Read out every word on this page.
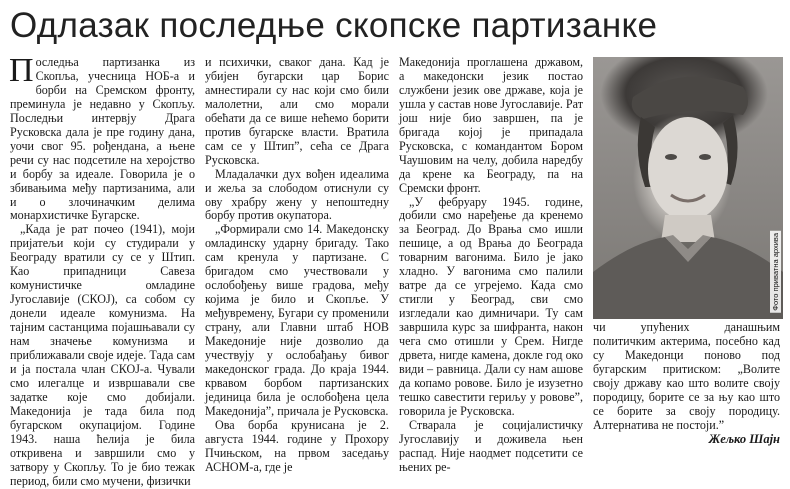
Одлазак последње скопске партизанке

Последња партизанка из Скопља, учесница НОБ-а и борби на Сремском фронту, преминула је недавно у Скопљу. Последњи интервју Драга Русковска дала је пре годину дана, уочи свог 95. рођендана, а њене речи су нас подсетиле на херојство и борбу за идеале. Говорила је о збивањима међу партизанима, али и о злочиначким делима монархистичке Бугарске.

„Када је рат почео (1941), моји пријатељи који су студирали у Београду вратили су се у Штип. Као припадници Савеза комунистичке омладине Југославије (СКОЈ), са собом су донели идеале комунизма. На тајним састанцима појашњавали су нам значење комунизма и приближавали своје идеје. Тада сам и ја постала члан СКОЈ-а. Чували смо илегалце и извршавали све задатке које смо добијали. Македонија је тада била под бугарском окупацијом. Године 1943. наша ћелија је била откривена и завршили смо у затвору у Скопљу. То је био тежак период, били смо мучени, физички

и психички, сваког дана. Кад је убијен бугарски цар Борис амнестирали су нас који смо били малолетни, али смо морали обећати да се више нећемо борити против бугарске власти. Вратила сам се у Штип”, сећа се Драга Русковска.

Младалачки дух вођен идеалима и жеља за слободом отиснули су ову храбру жену у непоштедну борбу против окупатора.

„Формирали смо 14. Македонску омладинску ударну бригаду. Тако сам кренула у партизане. С бригадом смо учествовали у ослобођењу више градова, међу којима је било и Скопље. У међувремену, Бугари су променили страну, али Главни штаб НОВ Македоније није дозволио да учествују у ослобађању бивог македонског града. До краја 1944. крвавом борбом партизанских јединица била је ослобођена цела Македонија”, причала је Русковска.

Ова борба крунисана је 2. августа 1944. године у Прохору Пчињском, на првом заседању АСНОМ-а, где је

Македонија проглашена државом, а македонски језик постао службени језик ове државе, која је ушла у састав нове Југославије. Рат још није био завршен, па је бригада којој је припадала Русковска, с командантом Бором Чаушовим на челу, добила наредбу да крене ка Београду, па на Сремски фронт.

„У фебруару 1945. године, добили смо наређење да кренемо за Београд. До Врања смо ишли пешице, а од Врања до Београда товарним вагонима. Било је јако хладно. У вагонима смо палили ватре да се угрејемо. Када смо стигли у Београд, сви смо изгледали као димничари. Ту сам завршила курс за шифранта, након чега смо отишли у Срем. Нигде дрвета, нигде камена, докле год око види – равница. Дали су нам ашове да копамо ровове. Било је изузетно тешко савестити гериљу у рововe”, говорила је Русковска.

Стварала је социјалистичку Југославију и доживела њен распад. Није наодмет подсетити се њених ре-

Фото приватна архива

чи упућених данашњим политичким актерима, посебно кад су Македонци поново под бугарским притиском: „Волите своју државу као што волите своју породицу, борите се за њу као што се борите за своју породицу. Алтернатива не постоји.”

Жељко Шајн
